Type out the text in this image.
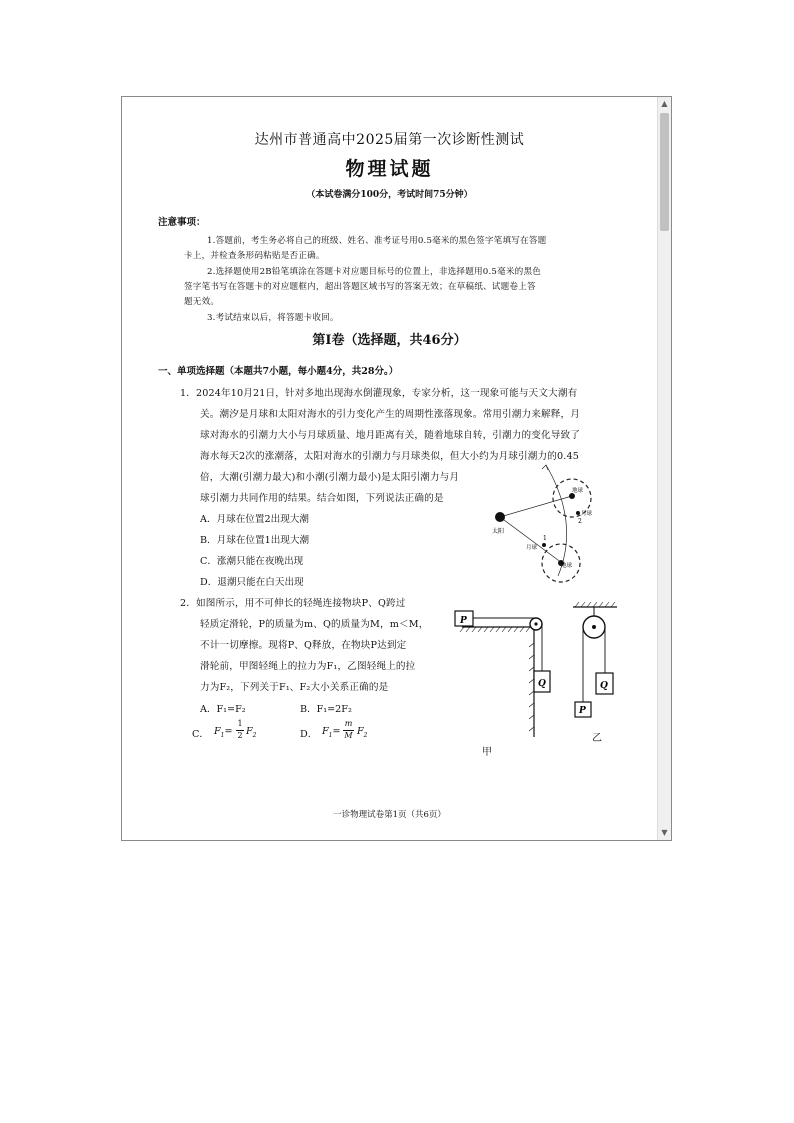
达州市普通高中2025届第一次诊断性测试
物理试题
（本试卷满分100分，考试时间75分钟）
注意事项：
1.答题前，考生务必将自己的班级、姓名、准考证号用0.5毫米的黑色签字笔填写在答题
卡上，并检查条形码粘贴是否正确。
2.选择题使用2B铅笔填涂在答题卡对应题目标号的位置上，非选择题用0.5毫米的黑色
签字笔书写在答题卡的对应题框内，超出答题区域书写的答案无效；在草稿纸、试题卷上答
题无效。
3.考试结束以后，将答题卡收回。
第Ⅰ卷（选择题，共46分）
一、单项选择题（本题共7小题，每小题4分，共28分。）
1．2024年10月21日，针对多地出现海水倒灌现象，专家分析，这一现象可能与天文大潮有
关。潮汐是月球和太阳对海水的引力变化产生的周期性涨落现象。常用引潮力来解释，月
球对海水的引潮力大小与月球质量、地月距离有关，随着地球自转，引潮力的变化导致了
海水每天2次的涨潮落，太阳对海水的引潮力与月球类似，但大小约为月球引潮力的0.45
倍，大潮(引潮力最大)和小潮(引潮力最小)是太阳引潮力与月
球引潮力共同作用的结果。结合如图，下列说法正确的是
A．月球在位置2出现大潮
B．月球在位置1出现大潮
C．涨潮只能在夜晚出现
D．退潮只能在白天出现
太阳
地球
地球
月球
月球
2
1
2．如图所示，用不可伸长的轻绳连接物块P、Q跨过
轻质定滑轮，P的质量为m、Q的质量为M，m＜M，
不计一切摩擦。现将P、Q释放，在物块P达到定
滑轮前，甲图轻绳上的拉力为F₁，乙图轻绳上的拉
力为F₂，下列关于F₁、F₂大小关系正确的是
A．F₁=F₂	B．F₁=2F₂
C． $F_1=$
1
2 $F_2$	D． $F_1=$
m
M $F_2$
P
Q
甲
Q
P
乙
一诊物理试卷第1页（共6页）
▲
▼
